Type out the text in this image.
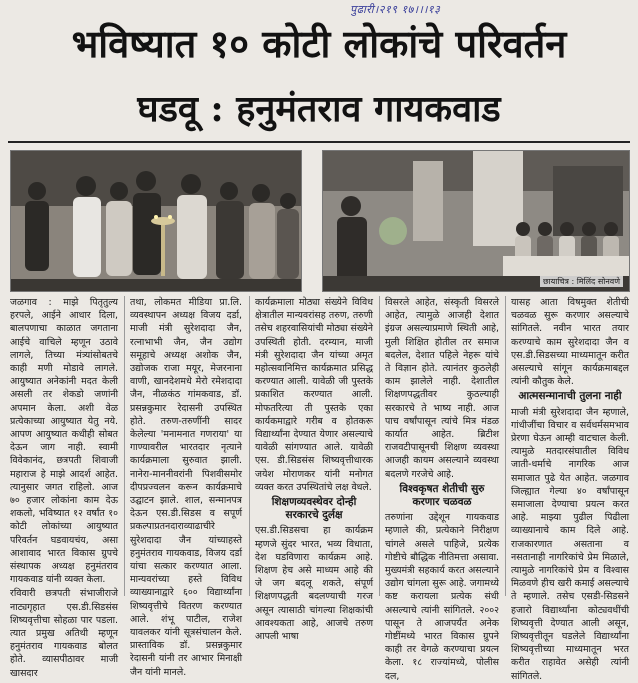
पुढारी।२१९ १७।।।१३
भविष्यात १० कोटी लोकांचे परिवर्तन
घडवू : हनुमंतराव गायकवाड
छायाचित्र : मिलिंद सोनवणे

जळगाव : माझे पितृतुल्य हरपले, आईने आधार दिला, बालपणाचा काळात जगताना आईचे वाचिले म्हणून उठावे लागले, तिच्या मंत्र्यांसोबतचे काही मणी मोडावे लागले. आयुष्यात अनेकांनी मदत केली असली तर शेकडो जणांनी अपमान केला. अशी वेळ प्रत्येकाच्या आयुष्यात येतु नये. आपण आयुष्यात कधीही सोबत देऊन जाग नाही. स्वामी विवेकानंद, छत्रपती शिवाजी महाराज हे माझे आदर्श आहेत. त्यानुसार जगत राहिलो. आज ७० हजार लोकांना काम देऊ शकलो, भविष्यात १२ वर्षांत १० कोटी लोकांच्या आयुष्यात परिवर्तन घडवायचंय, असा आशावाद भारत विकास ग्रुपचे संस्थापक अध्यक्ष हनुमंतराव गायकवाड यांनी व्यक्त केला.

रविवारी छत्रपती संभाजीराजे नाट्यगृहात एस.डी.सिडसंस शिष्यवृत्तीचा सोहळा पार पडला. त्यात प्रमुख अतिथी म्हणून हनुमंतराव गायकवाड बोलत होते. व्यासपीठावर माजी खासदार

तथा, लोकमत मीडिया प्रा.लि. व्यवस्थापन अध्यक्ष विजय दर्डा, माजी मंत्री सुरेशदादा जैन, रत्नाभाभी जैन, जैन उद्योग समूहाचे अध्यक्ष अशोक जैन, उद्योजक राजा मयूर, मेजरनाना वाणी, खानदेशमधे मेरो रमेशदादा जैन, नीळकंठ गांमकवाड, डॉ. प्रसन्नकुमार रेदासनी उपस्थित होते. तरुण-तरुणींनी सादर केलेल्या 'मनामनात गणराया' या गाण्यावरील भारतदार नृत्याने कार्यक्रमाला सुरुवात झाली. नानेरा-माननीवरांनी पिशवीसमोर दीपप्रज्वलन करून कार्यक्रमाचे उद्घाटन झाले. शाल, सन्मानपत्र देऊन एस.डी.सिडस व सपूर्ण प्रकल्पाप्रतनदाराव्याढाचीरे सुरेशदादा जैन यांच्याहस्ते हनुमंतराव गायकवाड, विजय दर्डा यांचा सत्कार करण्यात आला. मान्यवरांच्या हस्ते विविध व्याख्यानाद्वारे ६०० विद्यार्थ्यांना शिष्यवृत्तीचे वितरण करण्यात आले. शंभू पाटील, राजेश यावलकर यांनी सूत्रसंचालन केले. प्रास्ताविक डॉ. प्रसन्नकुमार रेदासनी यांनी तर आभार मिनाक्षी जैन यांनी मानले.

कार्यक्रमाला मोठ्या संख्येने विविध क्षेत्रातील मान्यवरांसह तरुण, तरुणी तसेच शहरवासियांची मोठ्या संख्येने उपस्थिती होती. दरम्यान, माजी मंत्री सुरेशदादा जैन यांच्या अमृत महोत्सवानिमित्त कार्यक्रमात प्रसिद्ध करण्यात आली. यावेळी जी पुस्तके प्रकाशित करण्यात आली. मोफतरित्या ती पुस्तके एका कार्यकमाद्वारे गरीब व होतकरू विद्यार्थ्यांना देण्यात येणार असल्याचे यावेळी सांगण्यात आले. यावेळी एस. डी.सिडसंस शिष्यवृत्तीधारक जयेश मोराणकर यांनी मनोगत व्यक्त करत उपस्थितांचे लक्ष वेधले.

शिक्षणव्यवस्थेवर दोन्ही सरकारचे दुर्लक्ष

एस.डी.सिडसचा हा कार्यक्रम म्हणजे सुंदर भारत, भव्य विधाता, देश घडविणारा कार्यक्रम आहे. शिक्षण हेच असे माध्यम आहे की जे जग बदलू शकते, संपूर्ण शिक्षणपद्धती बदलण्याची गरज असून त्यासाठी चांगल्या शिक्षकांची आवश्यकता आहे, आजचे तरुण आपली भाषा

विसरले आहेत, संस्कृती विसरले आहेत, त्यामुळे आजही देशात इंग्रज असल्याप्रमाणे स्थिती आहे, मुली शिक्षित होतील तर समाज बदलेल, देशात पहिले नेहरू यांचे ते विज्ञान होते. त्यानंतर कुठलेही काम झालेले नाही. देशातील शिक्षणपद्धतीवर कुठल्याही सरकारचे ते भाष्य नाही. आज पाच वर्षांपासून त्यांचे मित्र मंडळ कार्यात आहेत. ब्रिटीश राजवटीपासूनची शिक्षण व्यवस्था आजही कायम असल्याने व्यवस्था बदलणे गरजेचे आहे.

विश्वकृषत शेतीची सुरु करणार चळवळ

तरुणांना उद्देशून गायकवाड म्हणाले की, प्रत्येकाने निरीक्षण चांगले असले पाहिजे, प्रत्येक गोष्टीचे बौद्धिक नीतिमत्ता असावा. मुख्यमंत्री सहकार्य करत असल्याने उद्योग चांगला सुरू आहे. जगामध्ये कष्ट करायला प्रत्येक संधी असल्याचे त्यांनी सांगितले. २००२ पासून ते आजपर्यंत अनेक गोष्टींमध्ये भारत विकास ग्रुपने काही तर वेगळे करण्याचा प्रयत्न केला. १८ राज्यांमध्ये, पोलीस दल,

यासह आता विषमुक्त शेतीची चळवळ सुरू करणार असल्याचे सांगितले. नवीन भारत तयार करण्याचे काम सुरेशदादा जैन व एस.डी.सिडसच्या माध्यमातून करीत असल्याचे सांगून कार्यक्रमाबद्दल त्यांनी कौतुक केले.

आत्मसन्मानाची तुलना नाही

माजी मंत्री सुरेशदादा जैन म्हणाले, गांधीजींचा विचार व सर्वधर्मसमभाव प्रेरणा घेऊन आम्ही वाटचाल केली. त्यामुळे मतदारसंघातील विविध जाती-धर्माचे नागरिक आज समाजात पुढे येत आहेत. जळगाव जिल्ह्यात गेल्या ४० वर्षांपासून समाजाला देण्याचा प्रयत्न करत आहे. माझ्या पुढील पिढीला व्याख्यानाचे काम दिले आहे. राजकारणात असताना व नसतानाही नागरिकांचे प्रेम मिळाले, त्यामुळे नागरिकांचे प्रेम व विश्वास मिळवणे हीच खरी कमाई असल्याचे ते म्हणाले. तसेच एसडी-सिडसने हजारो विद्यार्थ्यांना कोट्यवधींची शिष्यवृत्ती देण्यात आली असून, शिष्यवृत्तीतून घडलेले विद्यार्थ्यांना शिष्यवृत्तीच्या माध्यमातून भरत करीत राहावेत असेही त्यांनी सांगितले.
